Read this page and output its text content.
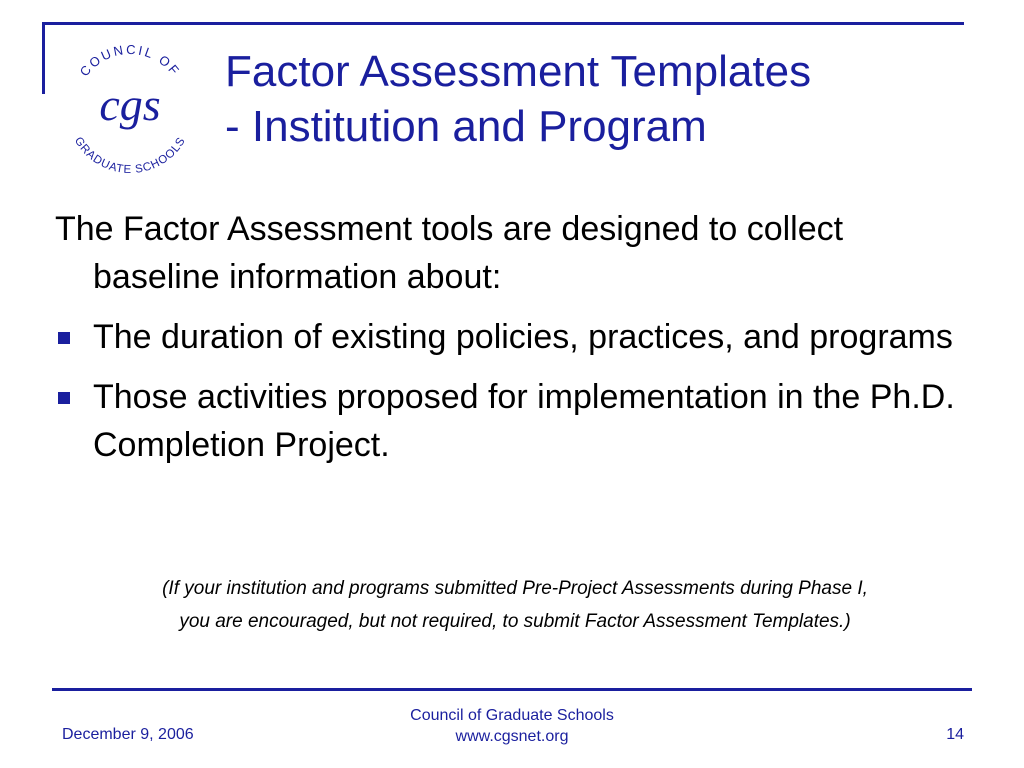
COUNCIL OF
GRADUATE SCHOOLS
cgs
Factor Assessment Templates
- Institution and Program

The Factor Assessment tools are designed to collect baseline information about:

The duration of existing policies, practices, and programs
Those activities proposed for implementation in the Ph.D. Completion Project.
(If your institution and programs submitted Pre-Project Assessments during Phase I,
you are encouraged, but not required, to submit Factor Assessment Templates.)
December 9, 2006
Council of Graduate Schools
www.cgsnet.org	14
